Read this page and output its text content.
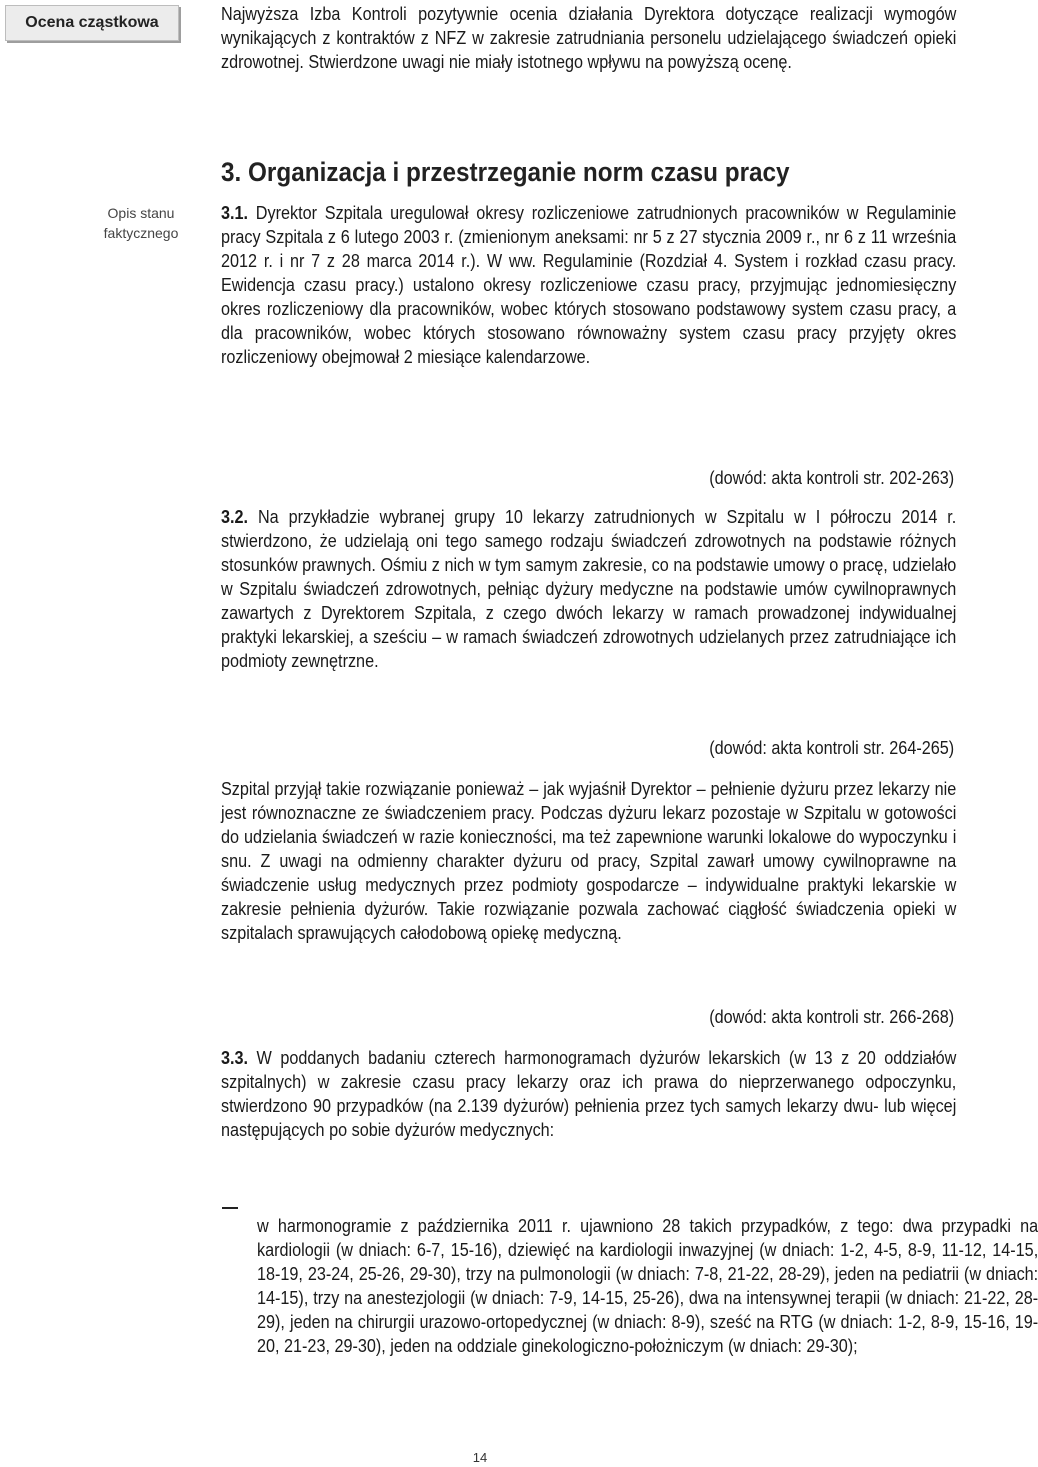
Ocena cząstkowa	Najwyższa Izba Kontroli pozytywnie ocenia działania Dyrektora dotyczące realizacji wymogów wynikających z kontraktów z NFZ w zakresie zatrudniania personelu udzielającego świadczeń opieki zdrowotnej. Stwierdzone uwagi nie miały istotnego wpływu na powyższą ocenę.

3. Organizacja i przestrzeganie norm czasu pracy
Opis stanu faktycznego

3.1. Dyrektor Szpitala uregulował okresy rozliczeniowe zatrudnionych pracowników w Regulaminie pracy Szpitala z 6 lutego 2003 r. (zmienionym aneksami: nr 5 z 27 stycznia 2009 r., nr 6 z 11 września 2012 r. i nr 7 z 28 marca 2014 r.). W ww. Regulaminie (Rozdział 4. System i rozkład czasu pracy. Ewidencja czasu pracy.) ustalono okresy rozliczeniowe czasu pracy, przyjmując jednomiesięczny okres rozliczeniowy dla pracowników, wobec których stosowano podstawowy system czasu pracy, a dla pracowników, wobec których stosowano równoważny system czasu pracy przyjęty okres rozliczeniowy obejmował 2 miesiące kalendarzowe.

(dowód: akta kontroli str. 202-263)

3.2. Na przykładzie wybranej grupy 10 lekarzy zatrudnionych w Szpitalu w I półroczu 2014 r. stwierdzono, że udzielają oni tego samego rodzaju świadczeń zdrowotnych na podstawie różnych stosunków prawnych. Ośmiu z nich w tym samym zakresie, co na podstawie umowy o pracę, udzielało w Szpitalu świadczeń zdrowotnych, pełniąc dyżury medyczne na podstawie umów cywilnoprawnych zawartych z Dyrektorem Szpitala, z czego dwóch lekarzy w ramach prowadzonej indywidualnej praktyki lekarskiej, a sześciu – w ramach świadczeń zdrowotnych udzielanych przez zatrudniające ich podmioty zewnętrzne.

(dowód: akta kontroli str. 264-265)

Szpital przyjął takie rozwiązanie ponieważ – jak wyjaśnił Dyrektor – pełnienie dyżuru przez lekarzy nie jest równoznaczne ze świadczeniem pracy. Podczas dyżuru lekarz pozostaje w Szpitalu w gotowości do udzielania świadczeń w razie konieczności, ma też zapewnione warunki lokalowe do wypoczynku i snu. Z uwagi na odmienny charakter dyżuru od pracy, Szpital zawarł umowy cywilnoprawne na świadczenie usług medycznych przez podmioty gospodarcze – indywidualne praktyki lekarskie w zakresie pełnienia dyżurów. Takie rozwiązanie pozwala zachować ciągłość świadczenia opieki w szpitalach sprawujących całodobową opiekę medyczną.

(dowód: akta kontroli str. 266-268)

3.3. W poddanych badaniu czterech harmonogramach dyżurów lekarskich (w 13 z 20 oddziałów szpitalnych) w zakresie czasu pracy lekarzy oraz ich prawa do nieprzerwanego odpoczynku, stwierdzono 90 przypadków (na 2.139 dyżurów) pełnienia przez tych samych lekarzy dwu- lub więcej następujących po sobie dyżurów medycznych:

w harmonogramie z października 2011 r. ujawniono 28 takich przypadków, z tego: dwa przypadki na kardiologii (w dniach: 6-7, 15-16), dziewięć na kardiologii inwazyjnej (w dniach: 1-2, 4-5, 8-9, 11-12, 14-15, 18-19, 23-24, 25-26, 29-30), trzy na pulmonologii (w dniach: 7-8, 21-22, 28-29), jeden na pediatrii (w dniach: 14-15), trzy na anestezjologii (w dniach: 7-9, 14-15, 25-26), dwa na intensywnej terapii (w dniach: 21-22, 28-29), jeden na chirurgii urazowo-ortopedycznej (w dniach: 8-9), sześć na RTG (w dniach: 1-2, 8-9, 15-16, 19-20, 21-23, 29-30), jeden na oddziale ginekologiczno-położniczym (w dniach: 29-30);

14
